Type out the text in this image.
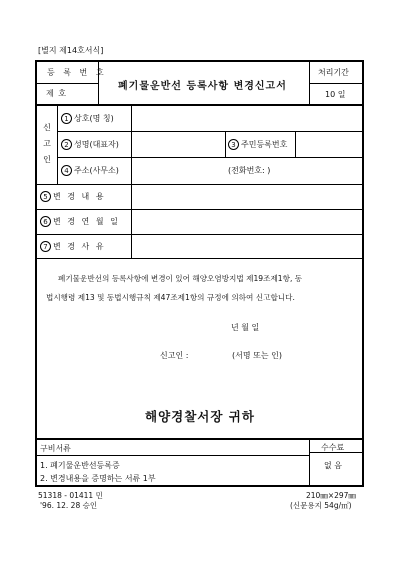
[별지 제14호서식]
등 록 번 호
제 호
폐기물운반선 등록사항 변경신고서
처리기간
10 일
신 고 인
1 상호(명 칭)
2 성명(대표자)	3 주민등록번호
4 주소(사무소)	(전화번호: )
5 변 경 내 용
6 변 경 연 월 일
7 변 경 사 유
폐기물운반선의 등록사항에 변경이 있어 해양오염방지법 제19조제1항, 동
법시행령 제13 및 동법시행규칙 제47조제1항의 규정에 의하여 신고합니다.
년 월 일
신고인 :	(서명 또는 인)
해양경찰서장 귀하
구비서류
1. 폐기물운반선등록증
2. 변경내용을 증명하는 서류 1부
수수료
없 음
51318 - 01411 민
'96. 12. 28 승인
210㎜×297㎜
(신문용지 54g/㎡)
